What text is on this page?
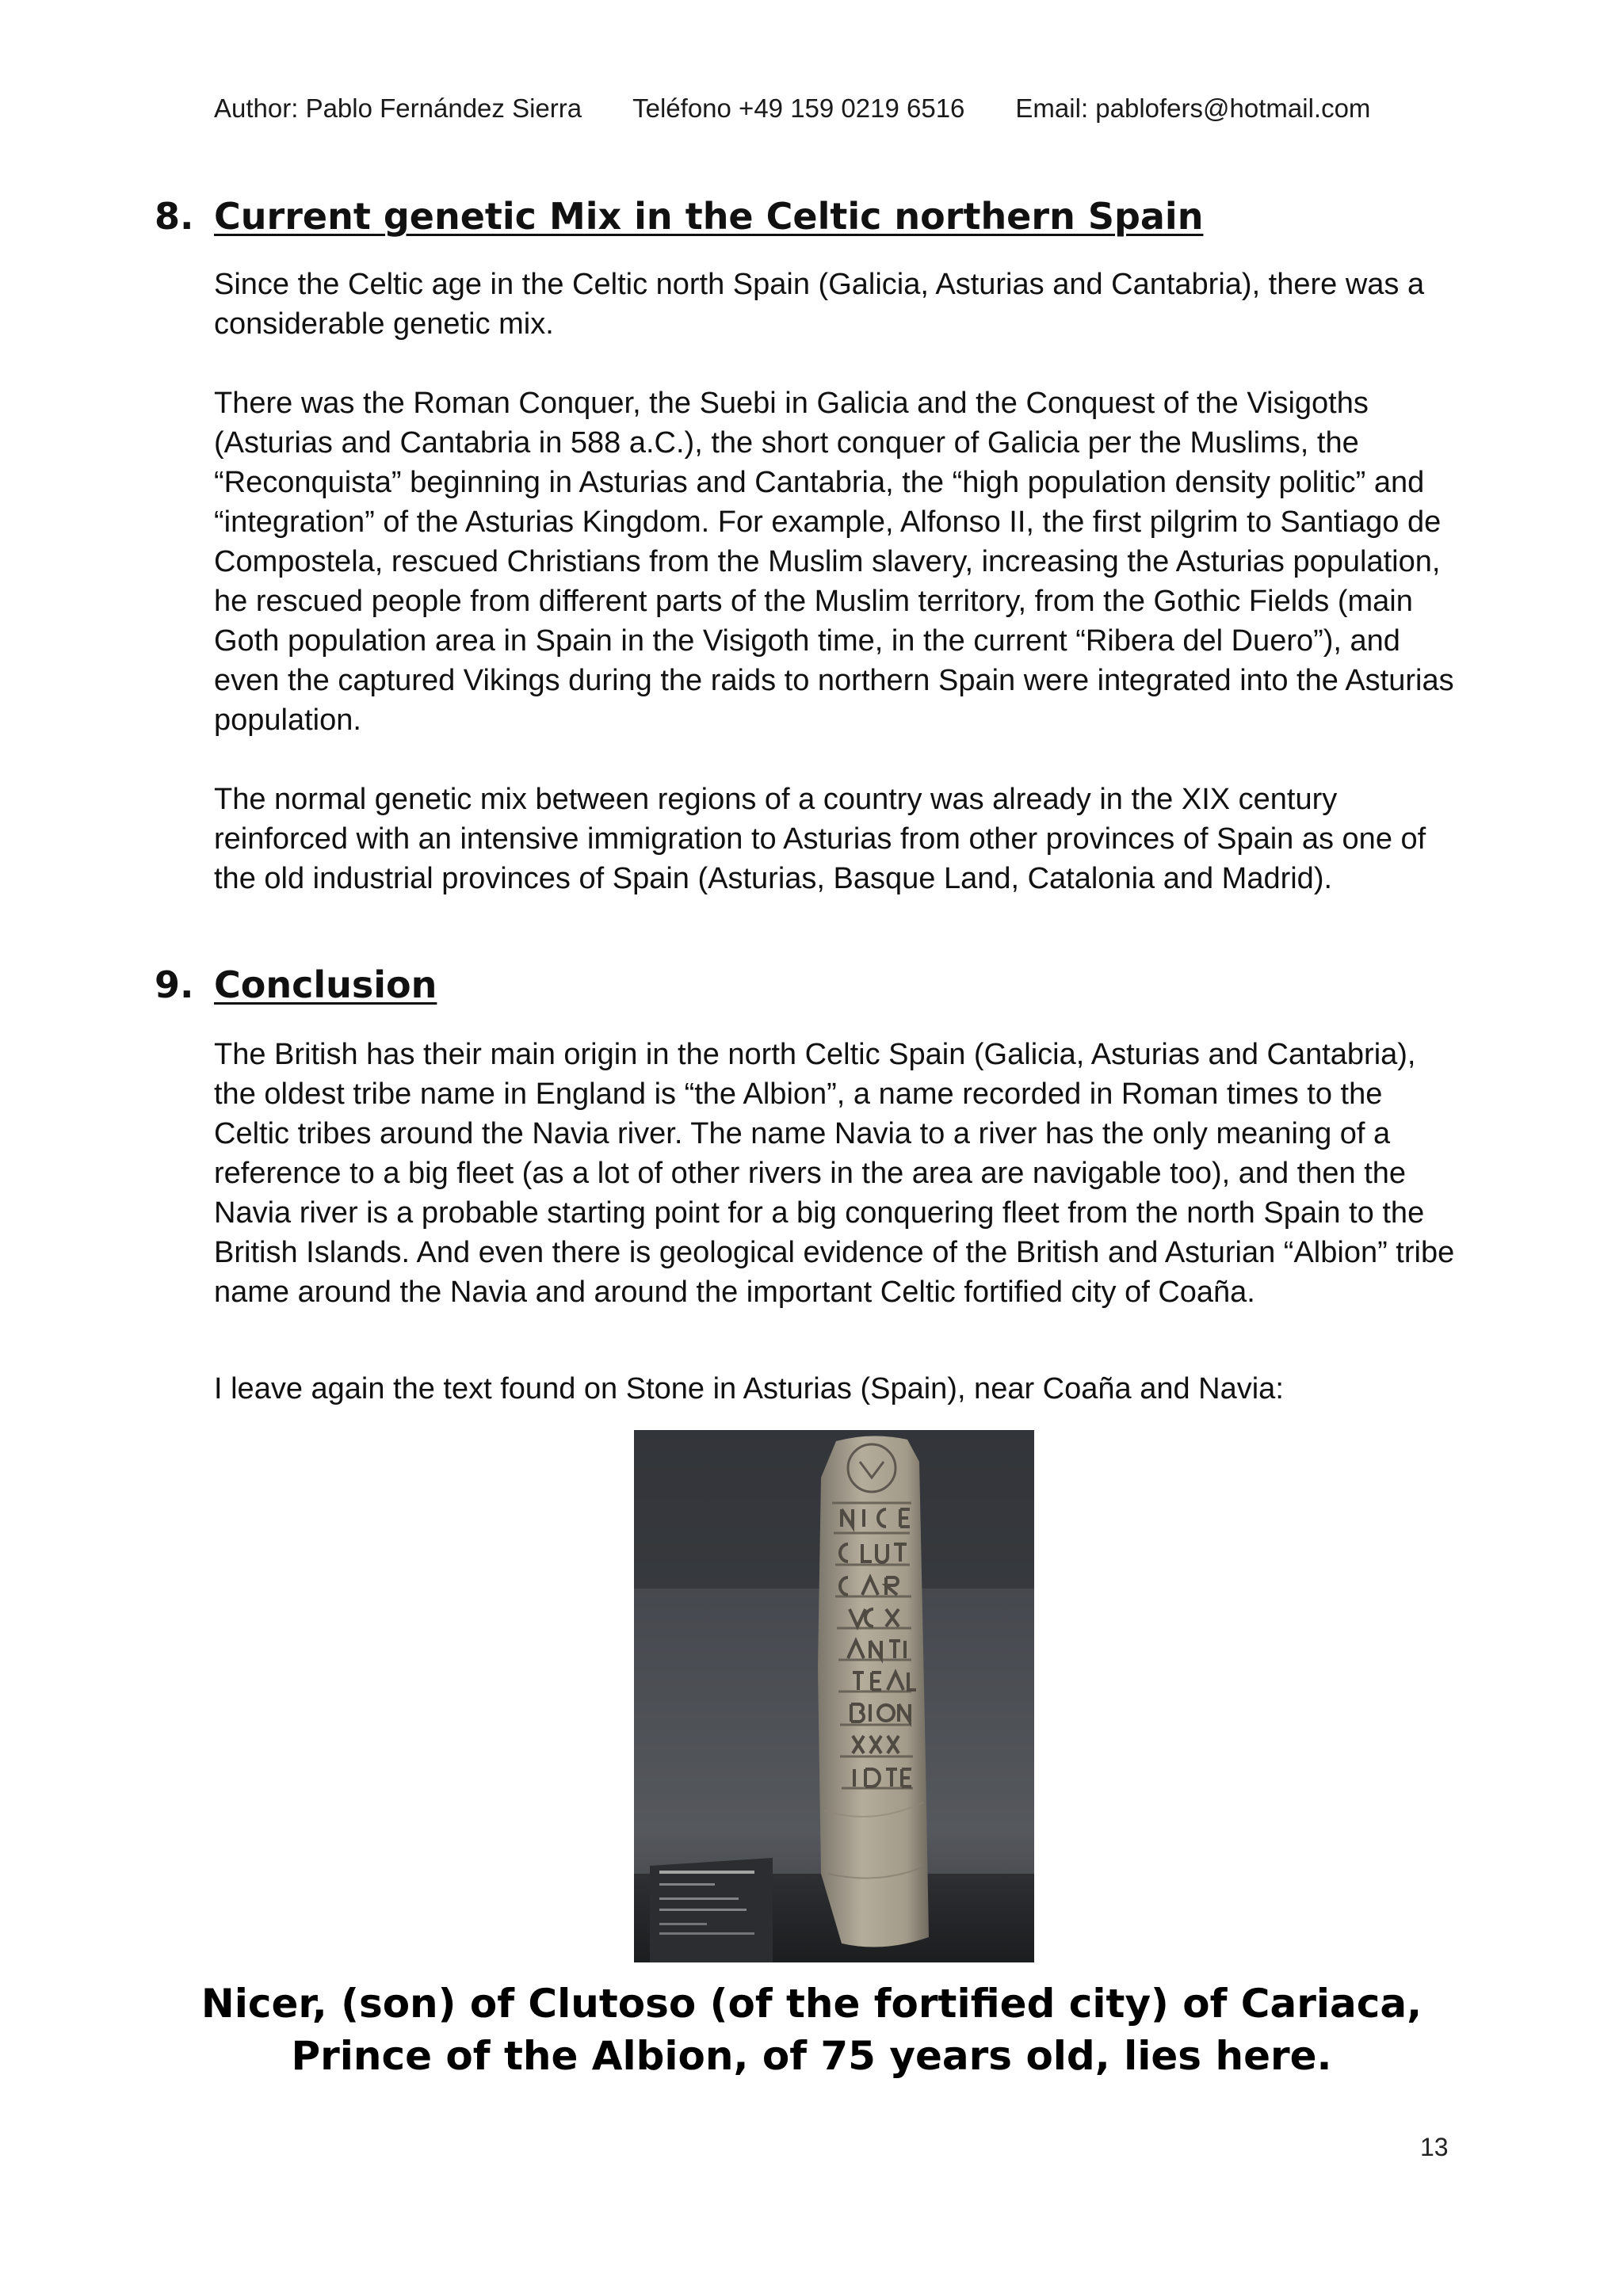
Author: Pablo Fernández Sierra Teléfono +49 159 0219 6516 Email: pablofers@hotmail.com
8. Current genetic Mix in the Celtic northern Spain

Since the Celtic age in the Celtic north Spain (Galicia, Asturias and Cantabria), there was a considerable genetic mix.

There was the Roman Conquer, the Suebi in Galicia and the Conquest of the Visigoths (Asturias and Cantabria in 588 a.C.), the short conquer of Galicia per the Muslims, the “Reconquista” beginning in Asturias and Cantabria, the “high population density politic” and “integration” of the Asturias Kingdom. For example, Alfonso II, the first pilgrim to Santiago de Compostela, rescued Christians from the Muslim slavery, increasing the Asturias population, he rescued people from different parts of the Muslim territory, from the Gothic Fields (main Goth population area in Spain in the Visigoth time, in the current “Ribera del Duero”), and even the captured Vikings during the raids to northern Spain were integrated into the Asturias population.

The normal genetic mix between regions of a country was already in the XIX century reinforced with an intensive immigration to Asturias from other provinces of Spain as one of the old industrial provinces of Spain (Asturias, Basque Land, Catalonia and Madrid).

9. Conclusion

The British has their main origin in the north Celtic Spain (Galicia, Asturias and Cantabria), the oldest tribe name in England is “the Albion”, a name recorded in Roman times to the Celtic tribes around the Navia river. The name Navia to a river has the only meaning of a reference to a big fleet (as a lot of other rivers in the area are navigable too), and then the Navia river is a probable starting point for a big conquering fleet from the north Spain to the British Islands. And even there is geological evidence of the British and Asturian “Albion” tribe name around the Navia and around the important Celtic fortified city of Coaña.

I leave again the text found on Stone in Asturias (Spain), near Coaña and Navia:

Nicer, (son) of Clutoso (of the fortified city) of Cariaca,
Prince of the Albion, of 75 years old, lies here.
13
